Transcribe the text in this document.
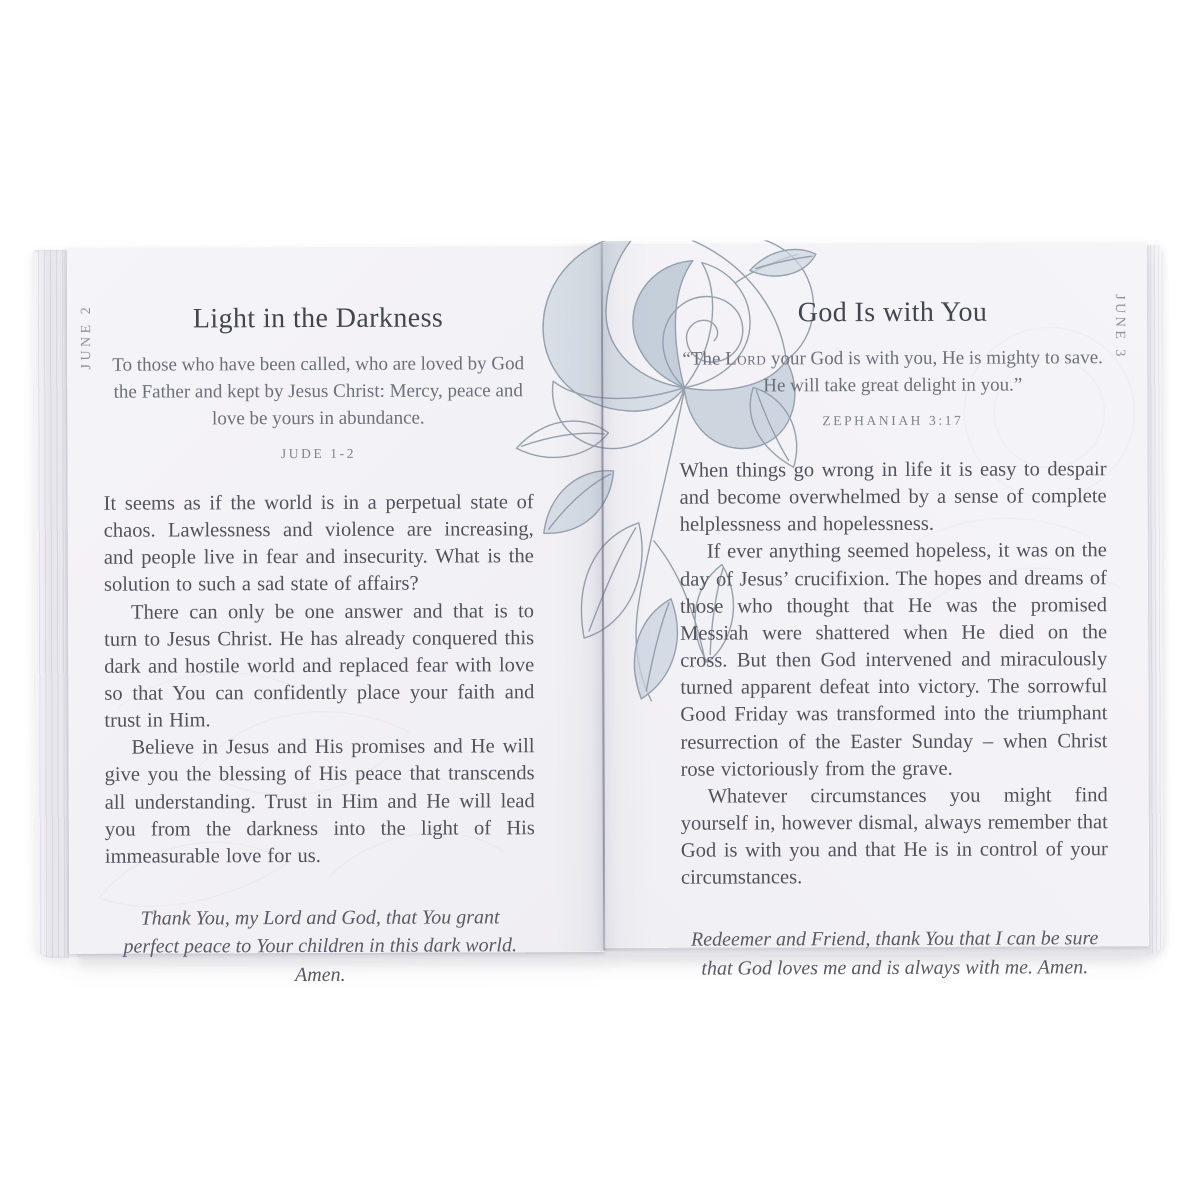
JUNE 2	Light in the Darkness
To those who have been called, who are loved by God the Father and kept by Jesus Christ: Mercy, peace and love be yours in abundance.
JUDE 1-2

It seems as if the world is in a perpetual state of chaos. Lawlessness and violence are increasing, and people live in fear and insecurity. What is the solution to such a sad state of affairs?

There can only be one answer and that is to turn to Jesus Christ. He has already conquered this dark and hostile world and replaced fear with love so that You can confidently place your faith and trust in Him.

Believe in Jesus and His promises and He will give you the blessing of His peace that transcends all understanding. Trust in Him and He will lead you from the darkness into the light of His immeasurable love for us.

Thank You, my Lord and God, that You grant perfect peace to Your children in this dark world. Amen.
JUNE 3
God Is with You
“The Lord your God is with you, He is mighty to save. He will take great delight in you.”
ZEPHANIAH 3:17

When things go wrong in life it is easy to despair and become overwhelmed by a sense of complete helplessness and hopelessness.

If ever anything seemed hopeless, it was on the day of Jesus’ crucifixion. The hopes and dreams of those who thought that He was the promised Messiah were shattered when He died on the cross. But then God intervened and miraculously turned apparent defeat into victory. The sorrowful Good Friday was transformed into the triumphant resurrection of the Easter Sunday – when Christ rose victoriously from the grave.

Whatever circumstances you might find yourself in, however dismal, always remember that God is with you and that He is in control of your circumstances.

Redeemer and Friend, thank You that I can be sure that God loves me and is always with me. Amen.
